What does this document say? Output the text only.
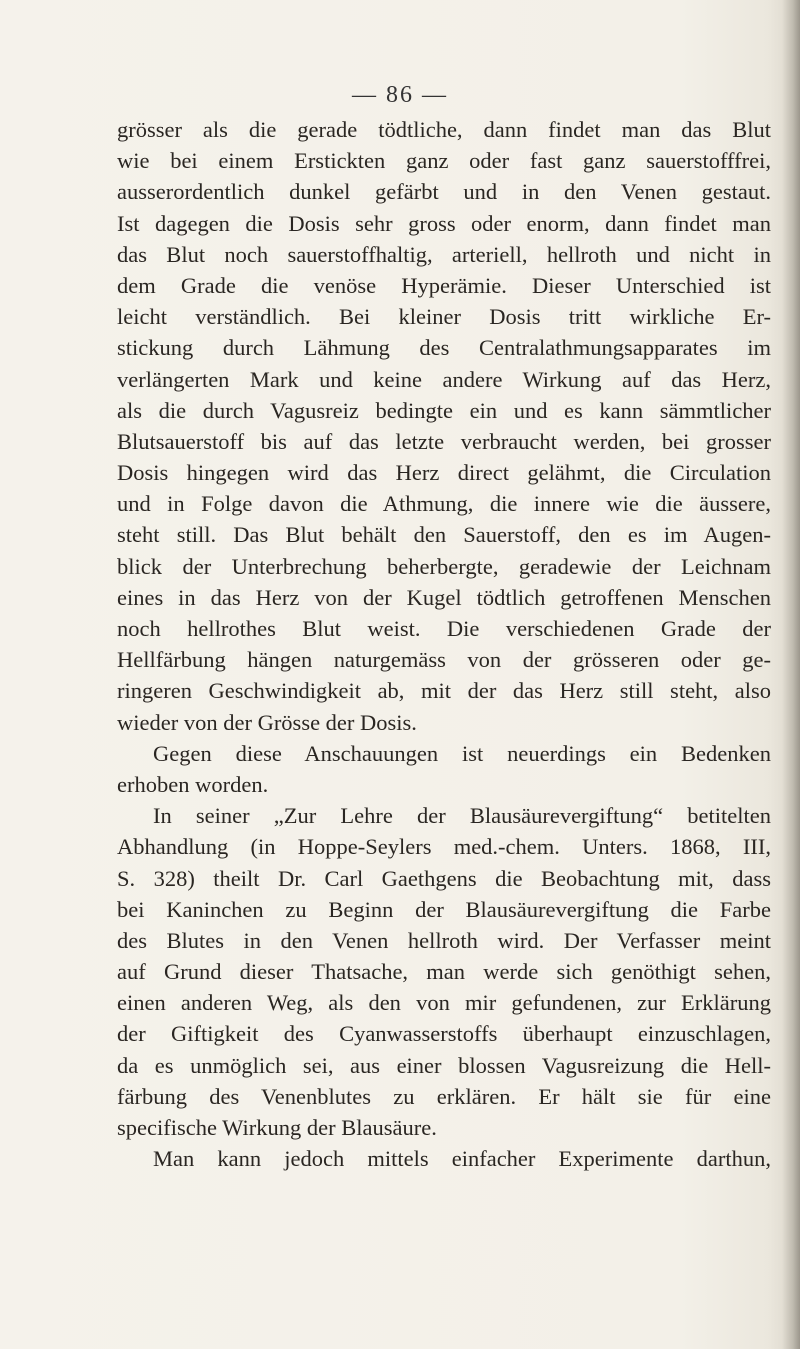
— 86 —
grösser als die gerade tödtliche, dann findet man das Blut
wie bei einem Erstickten ganz oder fast ganz sauerstofffrei,
ausserordentlich dunkel gefärbt und in den Venen gestaut.
Ist dagegen die Dosis sehr gross oder enorm, dann findet man
das Blut noch sauerstoffhaltig, arteriell, hellroth und nicht in
dem Grade die venöse Hyperämie. Dieser Unterschied ist
leicht verständlich. Bei kleiner Dosis tritt wirkliche Er-
stickung durch Lähmung des Centralathmungsapparates im
verlängerten Mark und keine andere Wirkung auf das Herz,
als die durch Vagusreiz bedingte ein und es kann sämmtlicher
Blutsauerstoff bis auf das letzte verbraucht werden, bei grosser
Dosis hingegen wird das Herz direct gelähmt, die Circulation
und in Folge davon die Athmung, die innere wie die äussere,
steht still. Das Blut behält den Sauerstoff, den es im Augen-
blick der Unterbrechung beherbergte, geradewie der Leichnam
eines in das Herz von der Kugel tödtlich getroffenen Menschen
noch hellrothes Blut weist. Die verschiedenen Grade der
Hellfärbung hängen naturgemäss von der grösseren oder ge-
ringeren Geschwindigkeit ab, mit der das Herz still steht, also
wieder von der Grösse der Dosis.
Gegen diese Anschauungen ist neuerdings ein Bedenken
erhoben worden.
In seiner „Zur Lehre der Blausäurevergiftung“ betitelten
Abhandlung (in Hoppe-Seylers med.-chem. Unters. 1868, III,
S. 328) theilt Dr. Carl Gaethgens die Beobachtung mit, dass
bei Kaninchen zu Beginn der Blausäurevergiftung die Farbe
des Blutes in den Venen hellroth wird. Der Verfasser meint
auf Grund dieser Thatsache, man werde sich genöthigt sehen,
einen anderen Weg, als den von mir gefundenen, zur Erklärung
der Giftigkeit des Cyanwasserstoffs überhaupt einzuschlagen,
da es unmöglich sei, aus einer blossen Vagusreizung die Hell-
färbung des Venenblutes zu erklären. Er hält sie für eine
specifische Wirkung der Blausäure.
Man kann jedoch mittels einfacher Experimente darthun,
